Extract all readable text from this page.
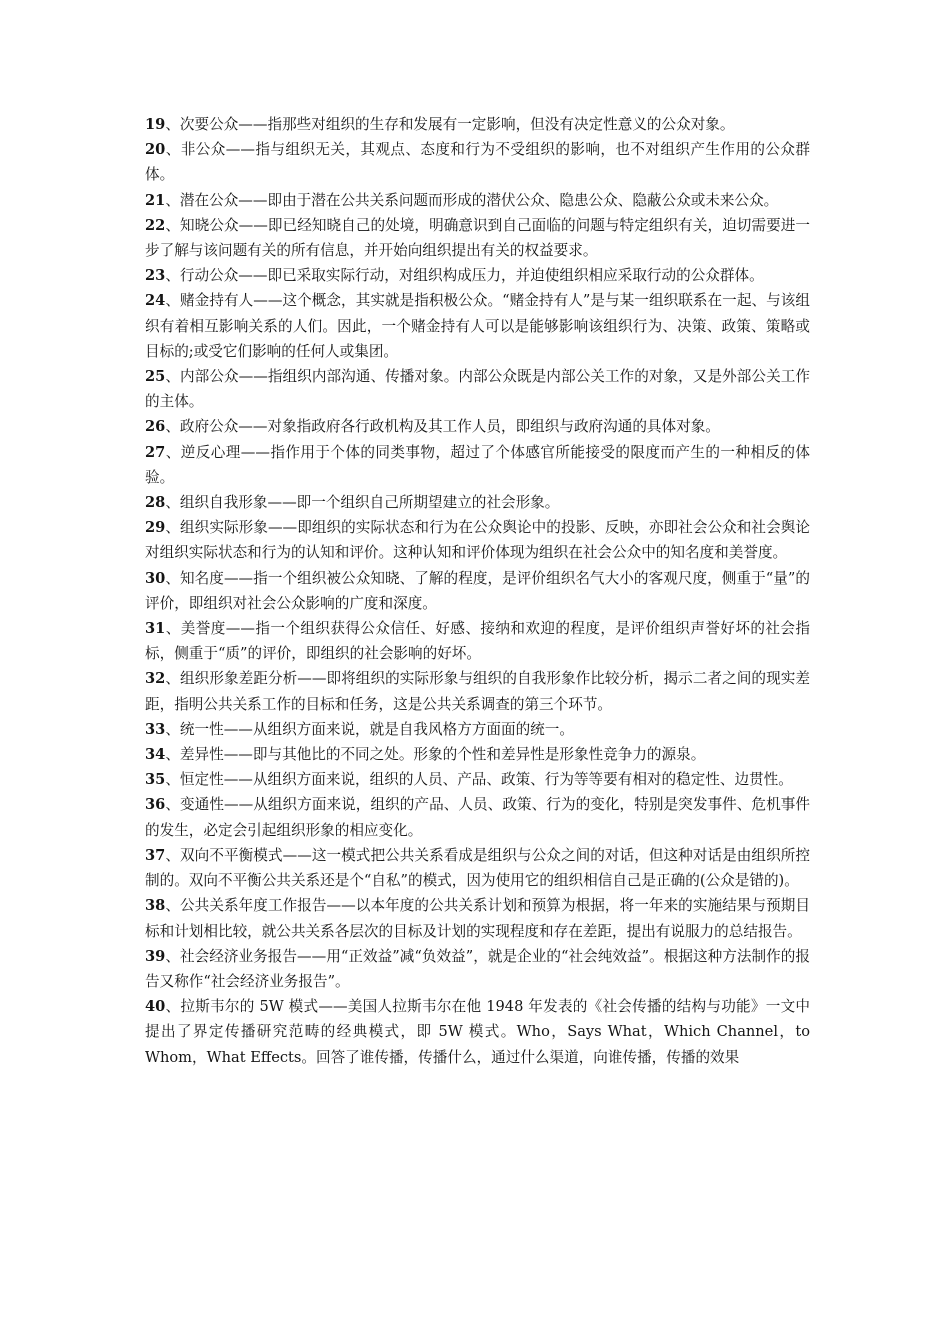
19、次要公众——指那些对组织的生存和发展有一定影响，但没有决定性意义的公众对象。

20、非公众——指与组织无关，其观点、态度和行为不受组织的影响，也不对组织产生作用的公众群体。

21、潜在公众——即由于潜在公共关系问题而形成的潜伏公众、隐患公众、隐蔽公众或未来公众。

22、知晓公众——即已经知晓自己的处境，明确意识到自己面临的问题与特定组织有关，迫切需要进一步了解与该问题有关的所有信息，并开始向组织提出有关的权益要求。

23、行动公众——即已采取实际行动，对组织构成压力，并迫使组织相应采取行动的公众群体。

24、赌金持有人——这个概念，其实就是指积极公众。“赌金持有人”是与某一组织联系在一起、与该组织有着相互影响关系的人们。因此，一个赌金持有人可以是能够影响该组织行为、决策、政策、策略或目标的;或受它们影响的任何人或集团。

25、内部公众——指组织内部沟通、传播对象。内部公众既是内部公关工作的对象，又是外部公关工作的主体。

26、政府公众——对象指政府各行政机构及其工作人员，即组织与政府沟通的具体对象。

27、逆反心理——指作用于个体的同类事物，超过了个体感官所能接受的限度而产生的一种相反的体验。

28、组织自我形象——即一个组织自己所期望建立的社会形象。

29、组织实际形象——即组织的实际状态和行为在公众舆论中的投影、反映，亦即社会公众和社会舆论对组织实际状态和行为的认知和评价。这种认知和评价体现为组织在社会公众中的知名度和美誉度。

30、知名度——指一个组织被公众知晓、了解的程度，是评价组织名气大小的客观尺度，侧重于“量”的评价，即组织对社会公众影响的广度和深度。

31、美誉度——指一个组织获得公众信任、好感、接纳和欢迎的程度，是评价组织声誉好坏的社会指标，侧重于“质”的评价，即组织的社会影响的好坏。

32、组织形象差距分析——即将组织的实际形象与组织的自我形象作比较分析，揭示二者之间的现实差距，指明公共关系工作的目标和任务，这是公共关系调查的第三个环节。

33、统一性——从组织方面来说，就是自我风格方方面面的统一。

34、差异性——即与其他比的不同之处。形象的个性和差异性是形象性竞争力的源泉。

35、恒定性——从组织方面来说，组织的人员、产品、政策、行为等等要有相对的稳定性、边贯性。

36、变通性——从组织方面来说，组织的产品、人员、政策、行为的变化，特别是突发事件、危机事件的发生，必定会引起组织形象的相应变化。

37、双向不平衡模式——这一模式把公共关系看成是组织与公众之间的对话，但这种对话是由组织所控制的。双向不平衡公共关系还是个“自私”的模式，因为使用它的组织相信自己是正确的(公众是错的)。

38、公共关系年度工作报告——以本年度的公共关系计划和预算为根据，将一年来的实施结果与预期目标和计划相比较，就公共关系各层次的目标及计划的实现程度和存在差距，提出有说服力的总结报告。

39、社会经济业务报告——用“正效益”减“负效益”，就是企业的“社会纯效益”。根据这种方法制作的报告又称作“社会经济业务报告”。

40、拉斯韦尔的 5W 模式——美国人拉斯韦尔在他 1948 年发表的《社会传播的结构与功能》一文中提出了界定传播研究范畴的经典模式，即 5W 模式。Who，Says What，Which Channel，to Whom，What Effects。回答了谁传播，传播什么，通过什么渠道，向谁传播，传播的效果
